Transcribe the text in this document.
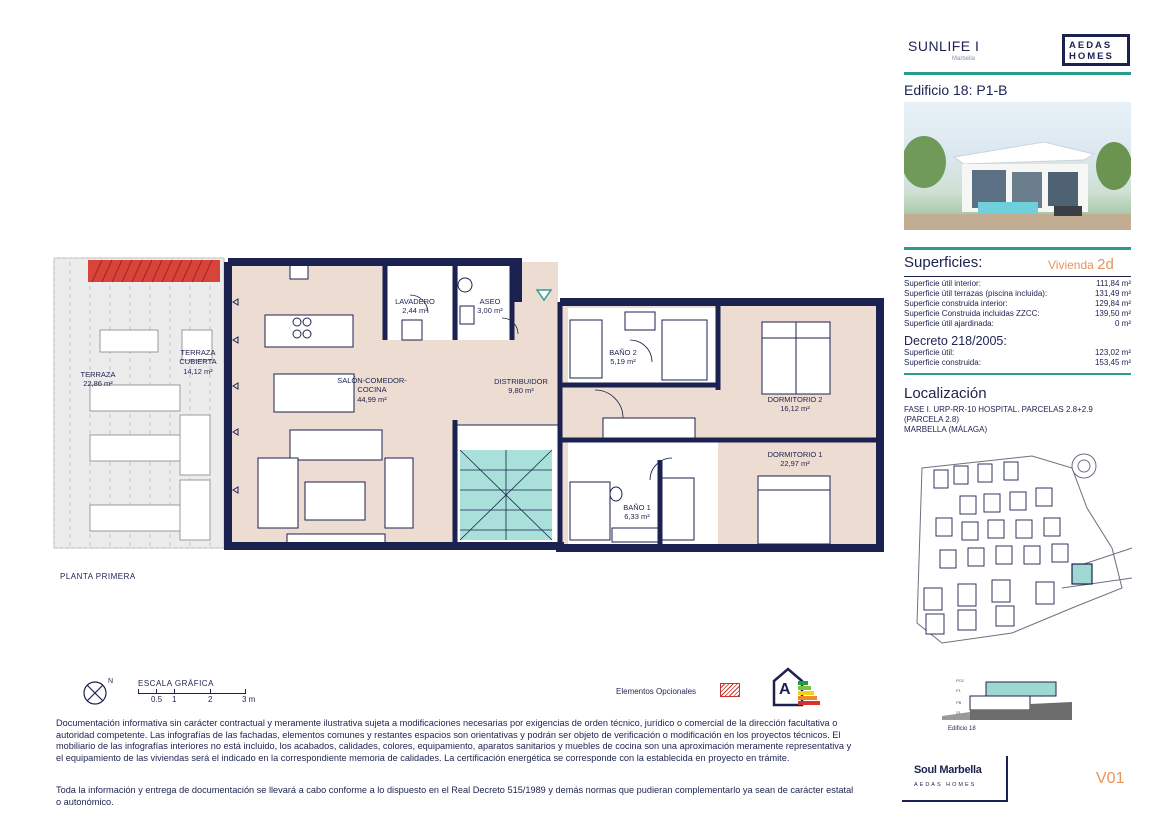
TERRAZA
22,86 m²
TERRAZA
CUBIERTA
14,12 m²
LAVADERO
2,44 m²
ASEO
3,00 m²
SALÓN-COMEDOR-
COCINA
44,99 m²
DISTRIBUIDOR
9,80 m²
BAÑO 2
5,19 m²
DORMITORIO 2
16,12 m²
DORMITORIO 1
22,97 m²
BAÑO 1
6,33 m²
PLANTA PRIMERA
N	ESCALA GRÁFICA
0.5 1	2	3 m
Elementos Opcionales	A
Documentación informativa sin carácter contractual y meramente ilustrativa sujeta a modificaciones necesarias por exigencias de orden técnico, jurídico o comercial de la dirección facultativa o autoridad competente. Las infografías de las fachadas, elementos comunes y restantes espacios son orientativas y podrán ser objeto de verificación o modificación en los proyectos técnicos. El mobiliario de las infografías interiores no está incluido, los acabados, calidades, colores, equipamiento, aparatos sanitarios y muebles de cocina son una aproximación meramente representativa y el equipamiento de las viviendas será el indicado en la correspondiente memoria de calidades. La certificación energética se corresponde con la establecida en proyecto en trámite.
Toda la información y entrega de documentación se llevará a cabo conforme a lo dispuesto en el Real Decreto 515/1989 y demás normas que pudieran complementarlo ya sean de carácter estatal o autonómico.
SUNLIFE I
Marbella
AEDAS
HOMES
Edificio 18: P1-B
Superficies:	Vivienda 2d
Superficie útil interior:	111,84 m²
Superficie útil terrazas (piscina incluida):	131,49 m²
Superficie construida interior:	129,84 m²
Superficie Construida incluidas ZZCC:	139,50 m²
Superficie útil ajardinada:	0 m²
Decreto 218/2005:
Superficie útil:	123,02 m²
Superficie construida:	153,45 m²
Localización
FASE I. URP-RR-10 HOSPITAL. PARCELAS 2.8+2.9
(PARCELA 2.8)
MARBELLA (MÁLAGA)
PO2
P1
PB
S1
Edificio 18
Soul Marbella
AEDAS HOMES	V01
